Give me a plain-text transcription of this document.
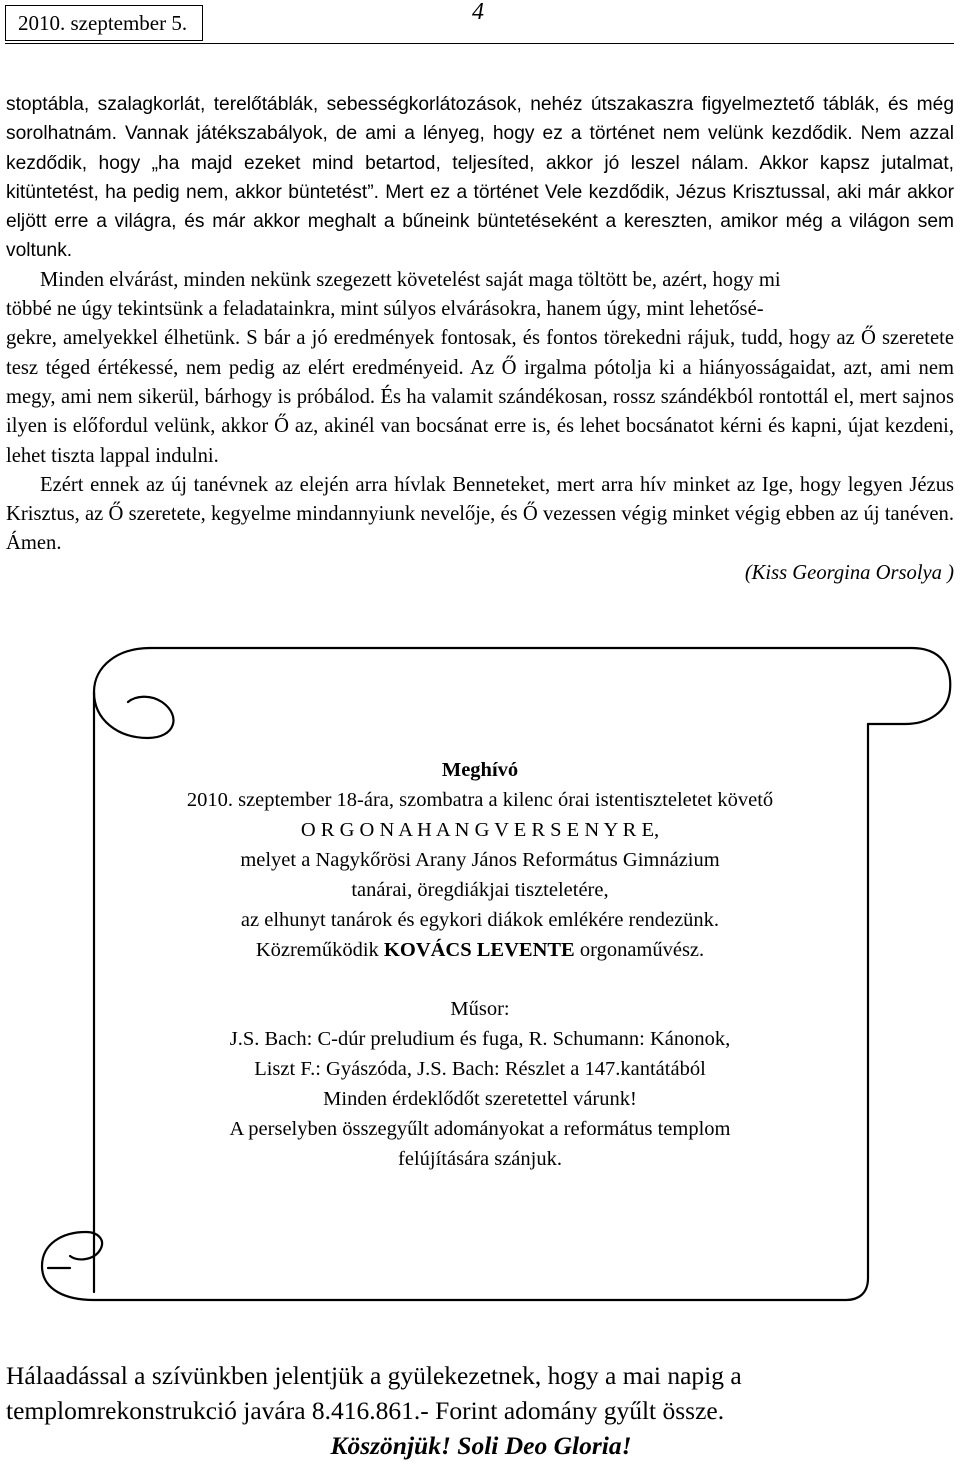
2010. szeptember 5.	4

stoptábla, szalagkorlát, terelőtáblák, sebességkorlátozások, nehéz útszakaszra figyelmeztető táblák, és még sorolhatnám. Vannak játékszabályok, de ami a lényeg, hogy ez a történet nem velünk kezdődik. Nem azzal kezdődik, hogy „ha majd ezeket mind betartod, teljesíted, akkor jó leszel nálam. Akkor kapsz jutalmat, kitüntetést, ha pedig nem, akkor büntetést”. Mert ez a történet Vele kezdődik, Jézus Krisztussal, aki már akkor eljött erre a világra, és már akkor meghalt a bűneink büntetéseként a kereszten, amikor még a világon sem voltunk.

Minden elvárást, minden nekünk szegezett követelést saját maga töltött be, azért, hogy mi
többé ne úgy tekintsünk a feladatainkra, mint súlyos elvárásokra, hanem úgy, mint lehetősé-

gekre, amelyekkel élhetünk. S bár a jó eredmények fontosak, és fontos törekedni rájuk, tudd, hogy az Ő szeretete tesz téged értékessé, nem pedig az elért eredményeid. Az Ő irgalma pótolja ki a hiányosságaidat, azt, ami nem megy, ami nem sikerül, bárhogy is próbálod. És ha valamit szándékosan, rossz szándékból rontottál el, mert sajnos ilyen is előfordul velünk, akkor Ő az, akinél van bocsánat erre is, és lehet bocsánatot kérni és kapni, újat kezdeni, lehet tiszta lappal indulni.

Ezért ennek az új tanévnek az elején arra hívlak Benneteket, mert arra hív minket az Ige, hogy legyen Jézus Krisztus, az Ő szeretete, kegyelme mindannyiunk nevelője, és Ő vezessen végig minket végig ebben az új tanéven. Ámen.

(Kiss Georgina Orsolya )
Meghívó
2010. szeptember 18-ára, szombatra a kilenc órai istentiszteletet követő
O R G O N A H A N G V E R S E N Y R E,
melyet a Nagykőrösi Arany János Református Gimnázium
tanárai, öregdiákjai tiszteletére,
az elhunyt tanárok és egykori diákok emlékére rendezünk.
Közreműködik KOVÁCS LEVENTE orgonaművész.
Műsor:
J.S. Bach: C-dúr preludium és fuga, R. Schumann: Kánonok,
Liszt F.: Gyászóda, J.S. Bach: Részlet a 147.kantátából
Minden érdeklődőt szeretettel várunk!
A perselyben összegyűlt adományokat a református templom
felújítására szánjuk.
Hálaadással a szívünkben jelentjük a gyülekezetnek, hogy a mai napig a
templomrekonstrukció javára 8.416.861.- Forint adomány gyűlt össze.
Köszönjük! Soli Deo Gloria!
